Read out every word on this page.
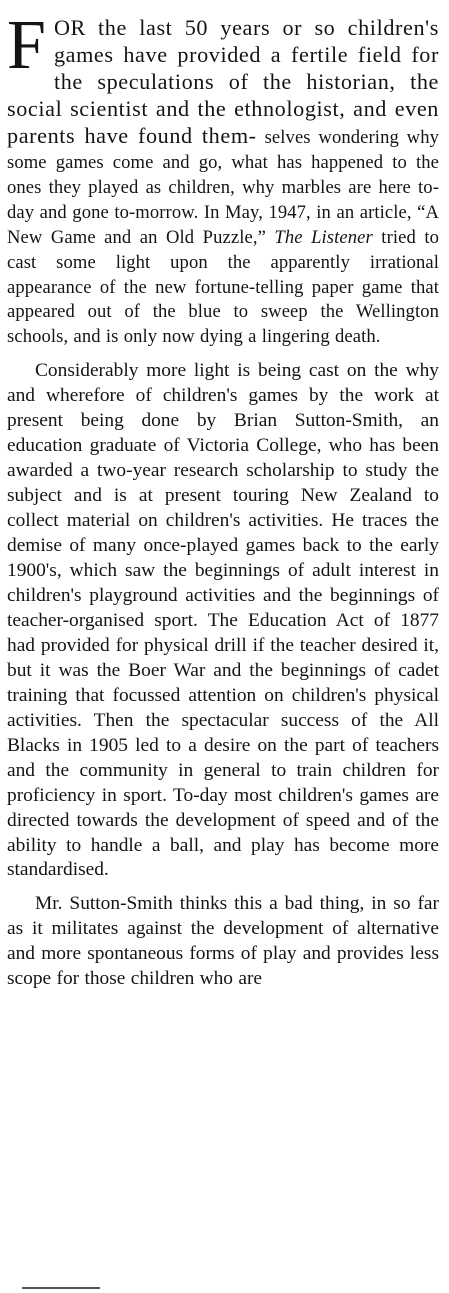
F OR the last 50 years or so children's games have provided a fertile field for the speculations of the historian, the social scientist and the ethnologist, and even parents have found them- selves wondering why some games come and go, what has happened to the ones they played as children, why marbles are here to-day and gone to-morrow. In May, 1947, in an article, “A New Game and an Old Puzzle,” The Listener tried to cast some light upon the apparently irrational appearance of the new fortune-telling paper game that appeared out of the blue to sweep the Wellington schools, and is only now dying a lingering death.

Considerably more light is being cast on the why and wherefore of children's games by the work at present being done by Brian Sutton-Smith, an education graduate of Victoria College, who has been awarded a two-year research scholarship to study the subject and is at present touring New Zealand to collect material on children's activities. He traces the demise of many once-played games back to the early 1900's, which saw the beginnings of adult interest in children's playground activities and the beginnings of teacher-organised sport. The Education Act of 1877 had provided for physical drill if the teacher desired it, but it was the Boer War and the beginnings of cadet training that focussed attention on children's physical activities. Then the spectacular success of the All Blacks in 1905 led to a desire on the part of teachers and the community in general to train children for proficiency in sport. To-day most children's games are directed towards the development of speed and of the ability to handle a ball, and play has become more standardised.

Mr. Sutton-Smith thinks this a bad thing, in so far as it militates against the development of alternative and more spontaneous forms of play and provides less scope for those children who are
